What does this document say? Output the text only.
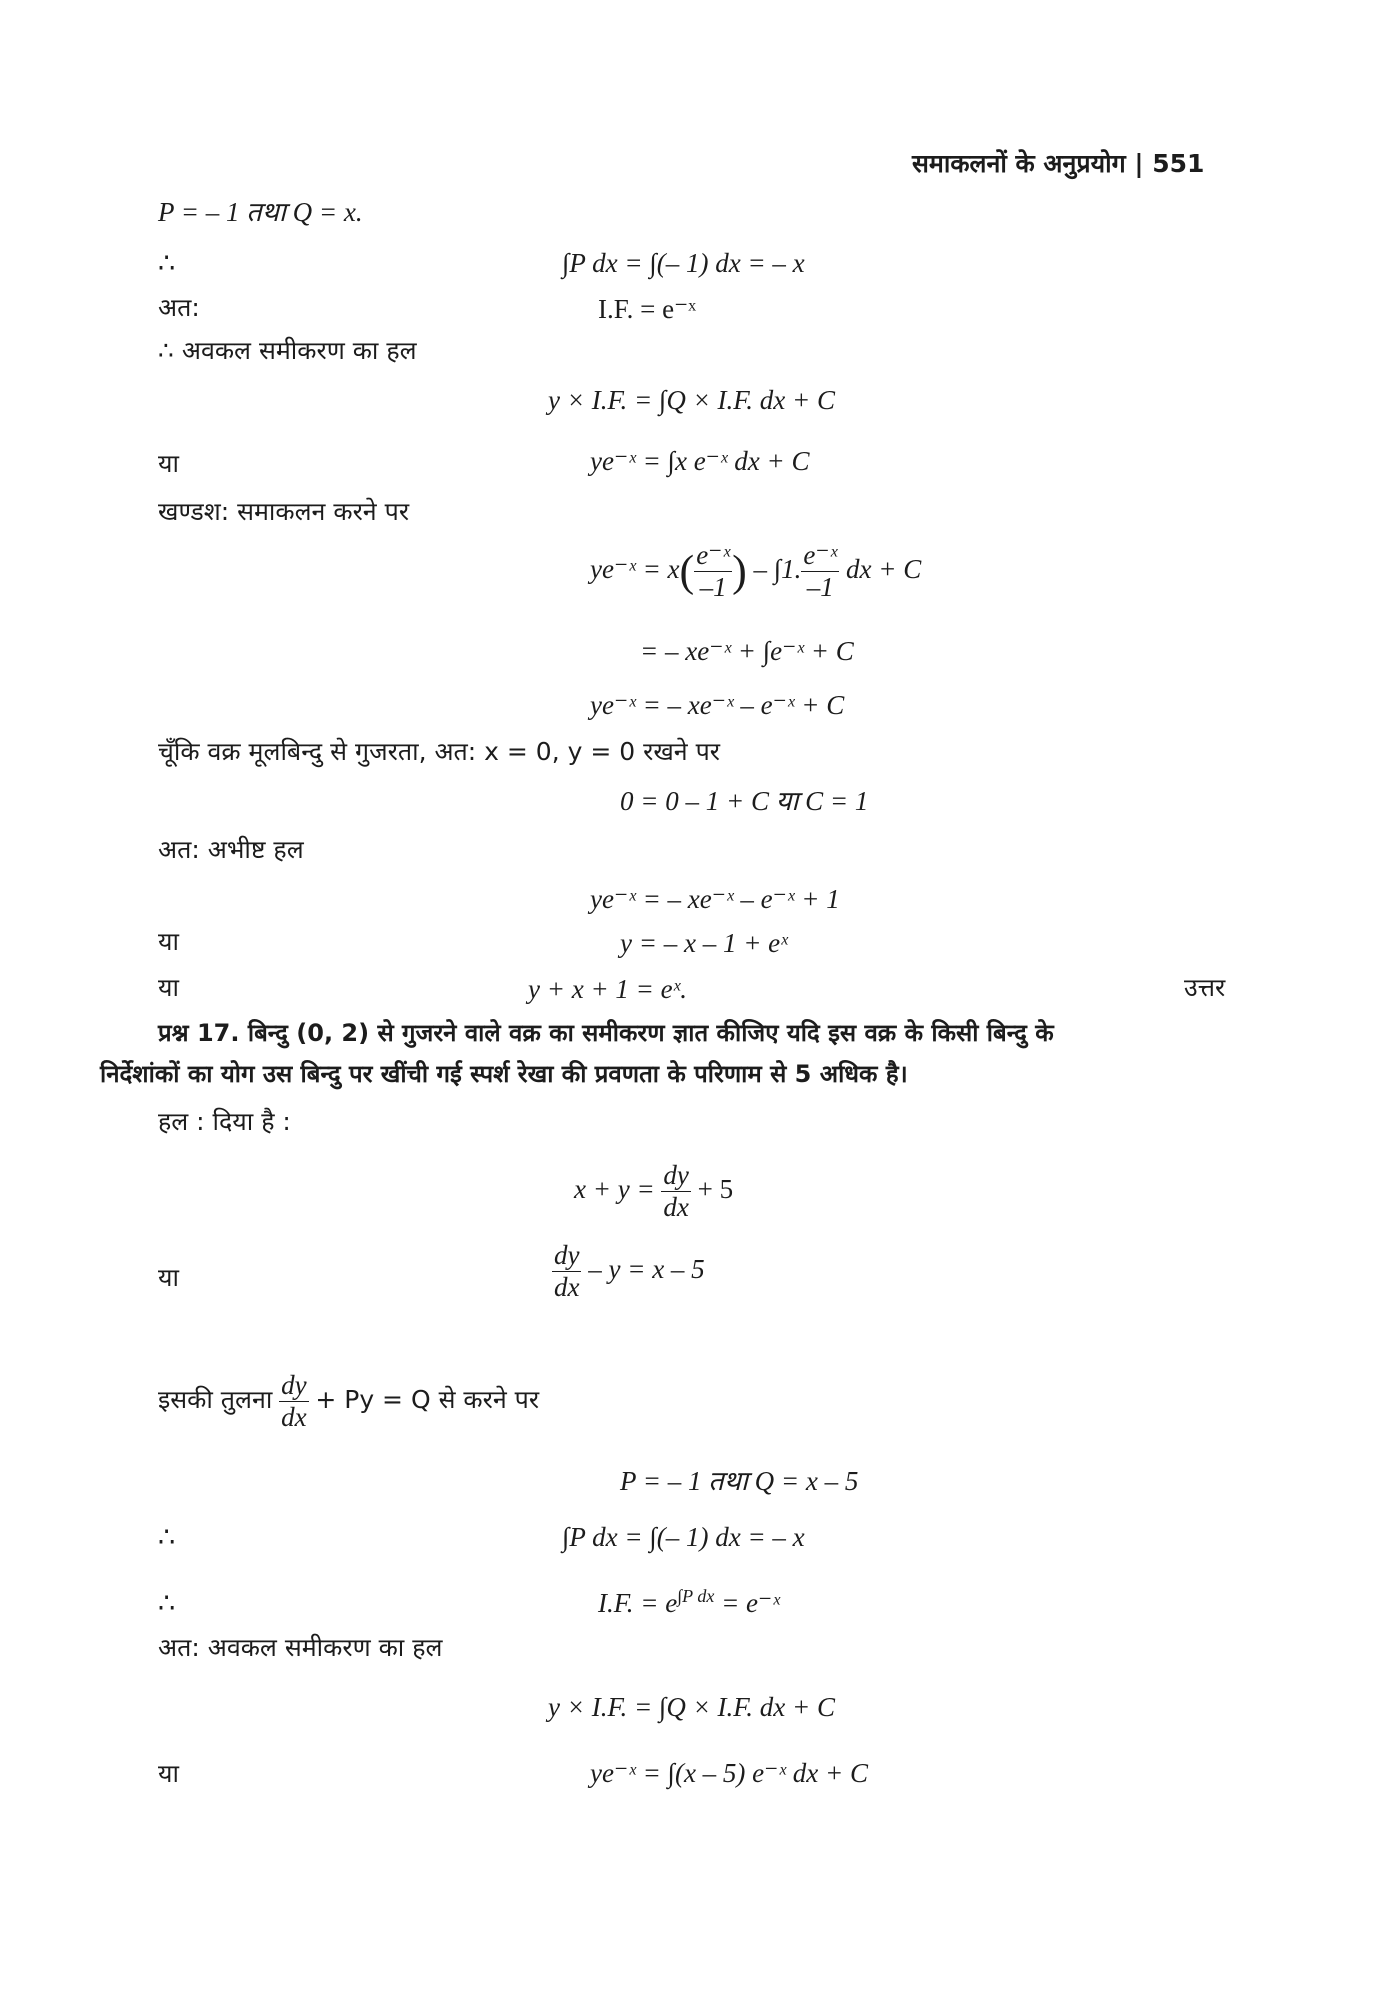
समाकलनों के अनुप्रयोग | 551
P = – 1 तथा Q = x.
∴	∫P dx = ∫(– 1) dx = – x
अत:	I.F. = e⁻ˣ
∴ अवकल समीकरण का हल
y × I.F. = ∫Q × I.F. dx + C
या	ye⁻ˣ = ∫x e⁻ˣ dx + C
खण्डश: समाकलन करने पर
ye⁻ˣ = $x( \frac{\text{e⁻ˣ}}{-1}$ ) – ∫1. $\frac{\text{e⁻ˣ}}{-1}$ dx + C
= – xe⁻ˣ + ∫e⁻ˣ + C
ye⁻ˣ = – xe⁻ˣ – e⁻ˣ + C
चूँकि वक्र मूलबिन्दु से गुजरता, अत: x = 0, y = 0 रखने पर
0 = 0 – 1 + C या C = 1
अत: अभीष्ट हल
ye⁻ˣ = – xe⁻ˣ – e⁻ˣ + 1
या	y = – x – 1 + eˣ
या	y + x + 1 = eˣ.	उत्तर
प्रश्न 17. बिन्दु (0, 2) से गुजरने वाले वक्र का समीकरण ज्ञात कीजिए यदि इस वक्र के किसी बिन्दु के
निर्देशांकों का योग उस बिन्दु पर खींची गई स्पर्श रेखा की प्रवणता के परिणाम से 5 अधिक है।
हल : दिया है :
$x + y = \frac{dy}{dx} + 5$
या	$\frac{dy}{dx} - y = x - 5$
इसकी तुलना $\frac{dy}{dx} + Py = Q$ से करने पर
P = – 1 तथा Q = x – 5
∴	∫P dx = ∫(– 1) dx = – x
∴	I.F. = $e^{\int P dx}$ = e⁻ˣ
अत: अवकल समीकरण का हल
y × I.F. = ∫Q × I.F. dx + C
या	ye⁻ˣ = ∫(x – 5) e⁻ˣ dx + C
